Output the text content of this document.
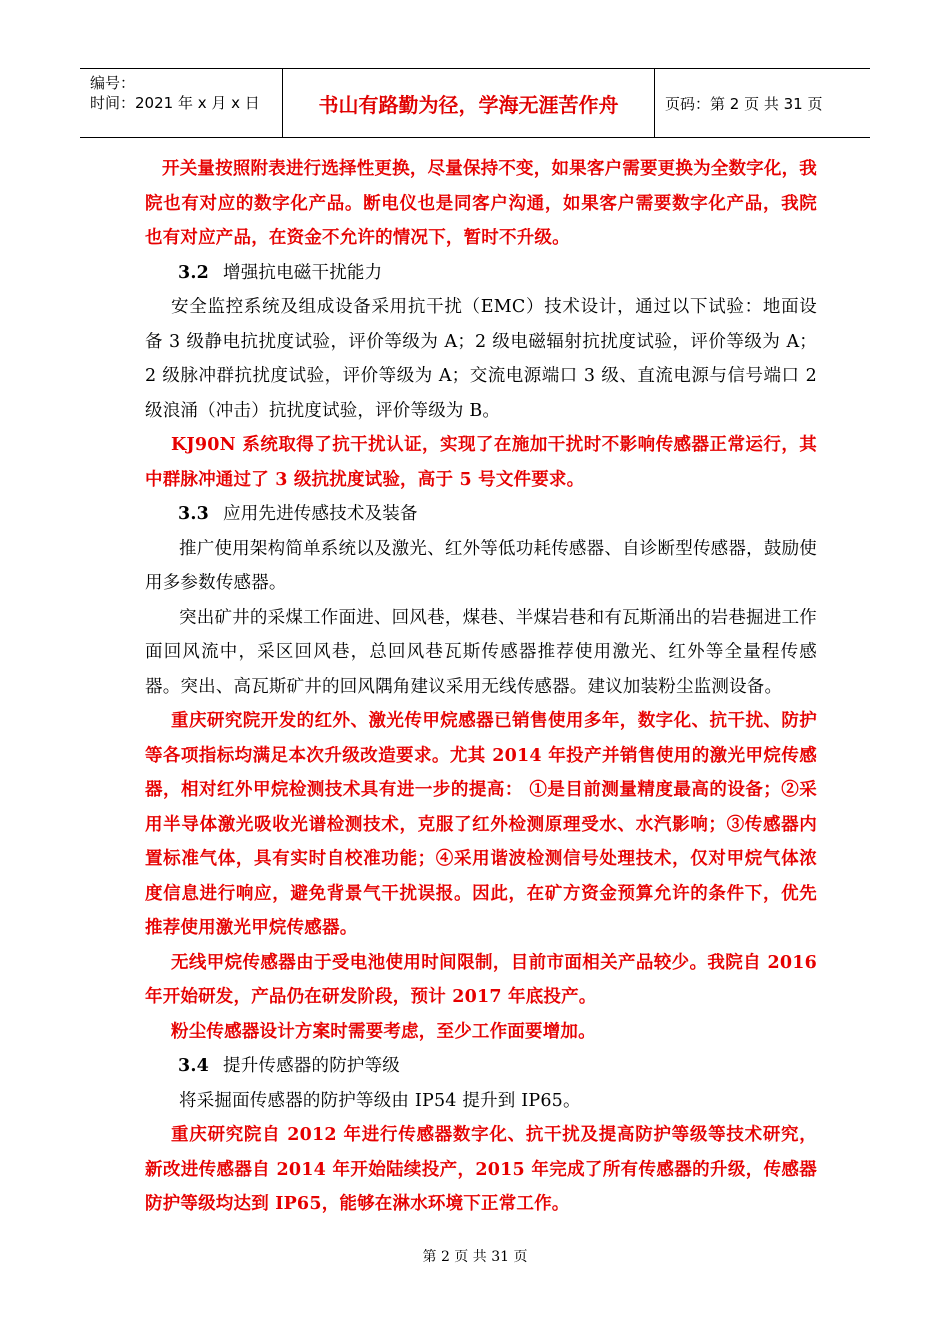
编号：
时间：2021 年 x 月 x 日	书山有路勤为径，学海无涯苦作舟	页码：第 2 页 共 31 页

开关量按照附表进行选择性更换，尽量保持不变，如果客户需要更换为全数字化，我院也有对应的数字化产品。断电仪也是同客户沟通，如果客户需要数字化产品，我院也有对应产品，在资金不允许的情况下，暂时不升级。

3.2 增强抗电磁干扰能力

安全监控系统及组成设备采用抗干扰（EMC）技术设计，通过以下试验：地面设备 3 级静电抗扰度试验，评价等级为 A；2 级电磁辐射抗扰度试验，评价等级为 A；2 级脉冲群抗扰度试验，评价等级为 A；交流电源端口 3 级、直流电源与信号端口 2 级浪涌（冲击）抗扰度试验，评价等级为 B。

KJ90N 系统取得了抗干扰认证，实现了在施加干扰时不影响传感器正常运行，其中群脉冲通过了 3 级抗扰度试验，高于 5 号文件要求。

3.3 应用先进传感技术及装备

推广使用架构简单系统以及激光、红外等低功耗传感器、自诊断型传感器，鼓励使用多参数传感器。

突出矿井的采煤工作面进、回风巷，煤巷、半煤岩巷和有瓦斯涌出的岩巷掘进工作面回风流中，采区回风巷，总回风巷瓦斯传感器推荐使用激光、红外等全量程传感器。突出、高瓦斯矿井的回风隅角建议采用无线传感器。建议加装粉尘监测设备。

重庆研究院开发的红外、激光传甲烷感器已销售使用多年，数字化、抗干扰、防护等各项指标均满足本次升级改造要求。尤其 2014 年投产并销售使用的激光甲烷传感器，相对红外甲烷检测技术具有进一步的提高： ①是目前测量精度最高的设备；②采用半导体激光吸收光谱检测技术，克服了红外检测原理受水、水汽影响；③传感器内置标准气体，具有实时自校准功能；④采用谐波检测信号处理技术，仅对甲烷气体浓度信息进行响应，避免背景气干扰误报。因此，在矿方资金预算允许的条件下，优先推荐使用激光甲烷传感器。

无线甲烷传感器由于受电池使用时间限制，目前市面相关产品较少。我院自 2016 年开始研发，产品仍在研发阶段，预计 2017 年底投产。

粉尘传感器设计方案时需要考虑，至少工作面要增加。

3.4 提升传感器的防护等级

将采掘面传感器的防护等级由 IP54 提升到 IP65。

重庆研究院自 2012 年进行传感器数字化、抗干扰及提高防护等级等技术研究，新改进传感器自 2014 年开始陆续投产，2015 年完成了所有传感器的升级，传感器防护等级均达到 IP65，能够在淋水环境下正常工作。

第 2 页 共 31 页
